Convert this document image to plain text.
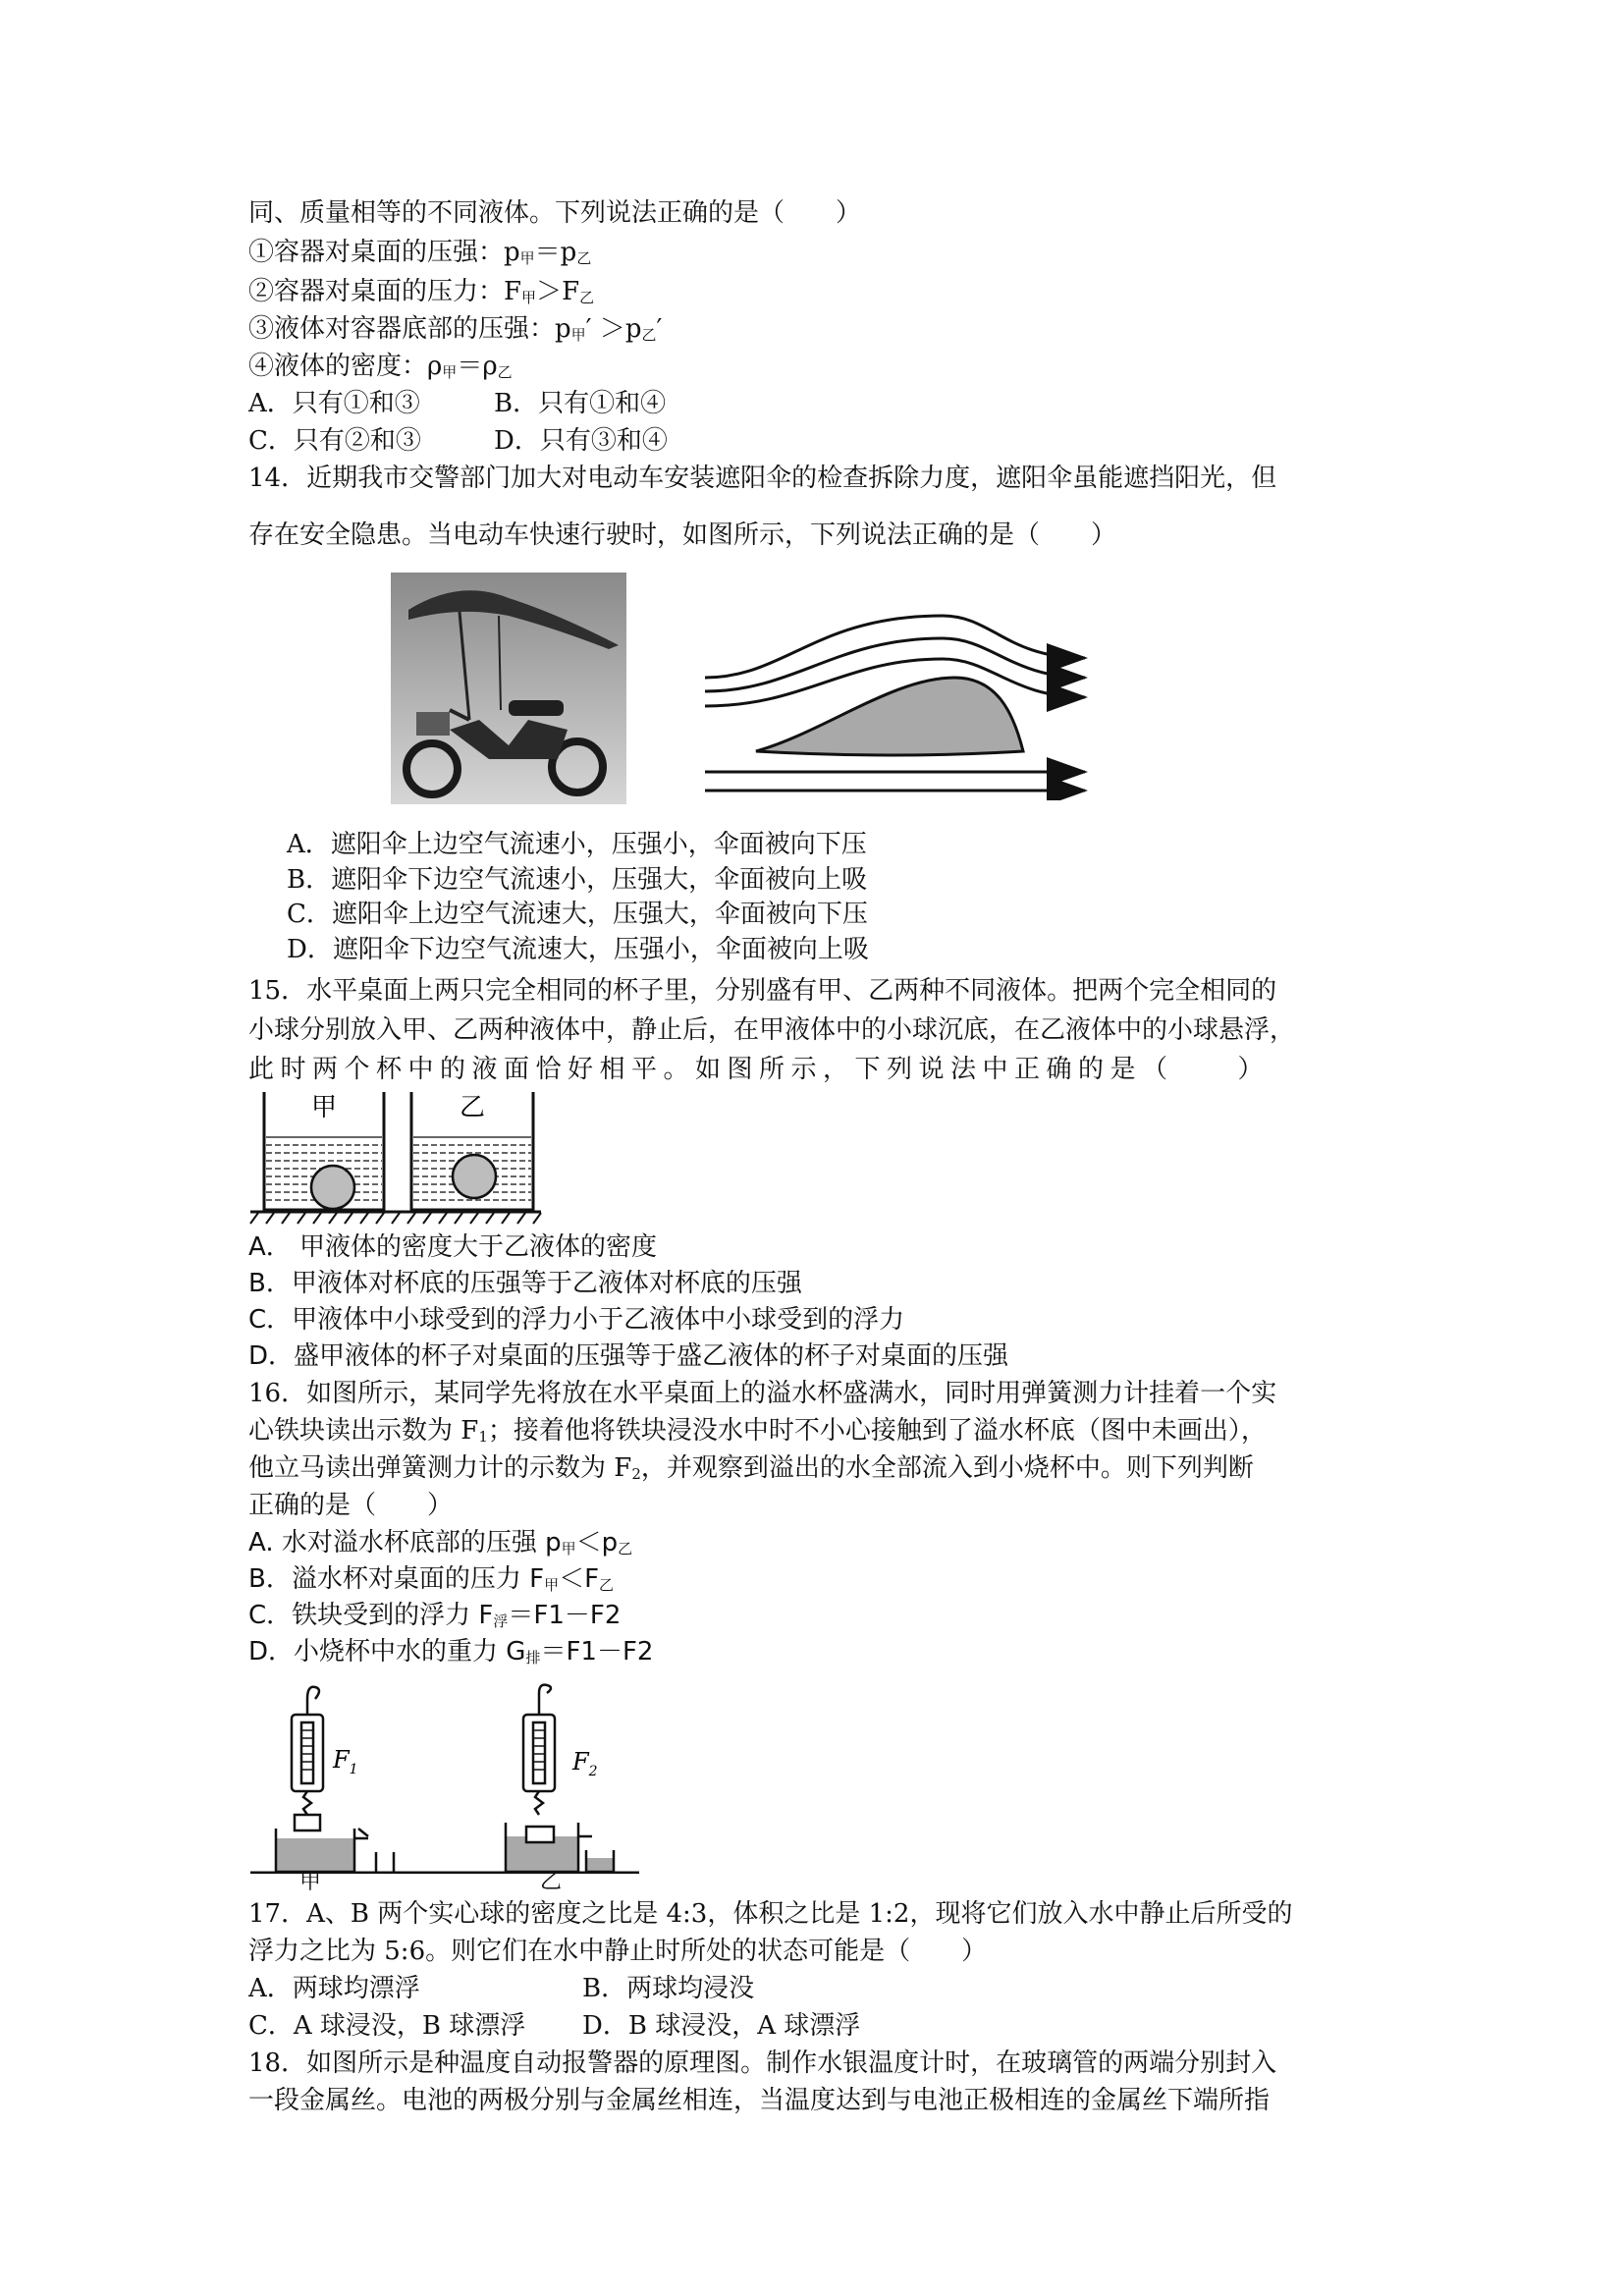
同、质量相等的不同液体。下列说法正确的是（　　）
①容器对桌面的压强：$p_甲=p_乙$
②容器对桌面的压力：$F_甲>F_乙$
③液体对容器底部的压强：$p_甲' >p_乙'$
④液体的密度：$\rho_甲=\rho_乙$
A．只有①和③	B．只有①和④
C．只有②和③	D．只有③和④
14．近期我市交警部门加大对电动车安装遮阳伞的检查拆除力度，遮阳伞虽能遮挡阳光，但
存在安全隐患。当电动车快速行驶时，如图所示，下列说法正确的是（　　）
A．遮阳伞上边空气流速小，压强小，伞面被向下压
B．遮阳伞下边空气流速小，压强大，伞面被向上吸
C．遮阳伞上边空气流速大，压强大，伞面被向下压
D．遮阳伞下边空气流速大，压强小，伞面被向上吸
15．水平桌面上两只完全相同的杯子里，分别盛有甲、乙两种不同液体。把两个完全相同的
小球分别放入甲、乙两种液体中，静止后，在甲液体中的小球沉底，在乙液体中的小球悬浮，
此时两个杯中的液面恰好相平。如图所示，下列说法中正确的是（　　）
甲	乙
A． 甲液体的密度大于乙液体的密度
B．甲液体对杯底的压强等于乙液体对杯底的压强
C．甲液体中小球受到的浮力小于乙液体中小球受到的浮力
D．盛甲液体的杯子对桌面的压强等于盛乙液体的杯子对桌面的压强
16．如图所示，某同学先将放在水平桌面上的溢水杯盛满水，同时用弹簧测力计挂着一个实
心铁块读出示数为 $F_1$；接着他将铁块浸没水中时不小心接触到了溢水杯底（图中未画出），
他立马读出弹簧测力计的示数为 $F_2$，并观察到溢出的水全部流入到小烧杯中。则下列判断
正确的是（　　）
A. 水对溢水杯底部的压强 $p_甲<p_乙$
B．溢水杯对桌面的压力 $F_甲<F_乙$
C．铁块受到的浮力 $F_浮=F1-F2$
D．小烧杯中水的重力 $G_排=F1-F2$
$F_1$	$F_2$
甲	乙
17．A、B 两个实心球的密度之比是 4:3，体积之比是 1:2，现将它们放入水中静止后所受的
浮力之比为 5:6。则它们在水中静止时所处的状态可能是（　　）
A．两球均漂浮	B．两球均浸没
C．A 球浸没，B 球漂浮 D．B 球浸没，A 球漂浮
18．如图所示是种温度自动报警器的原理图。制作水银温度计时，在玻璃管的两端分别封入
一段金属丝。电池的两极分别与金属丝相连，当温度达到与电池正极相连的金属丝下端所指
